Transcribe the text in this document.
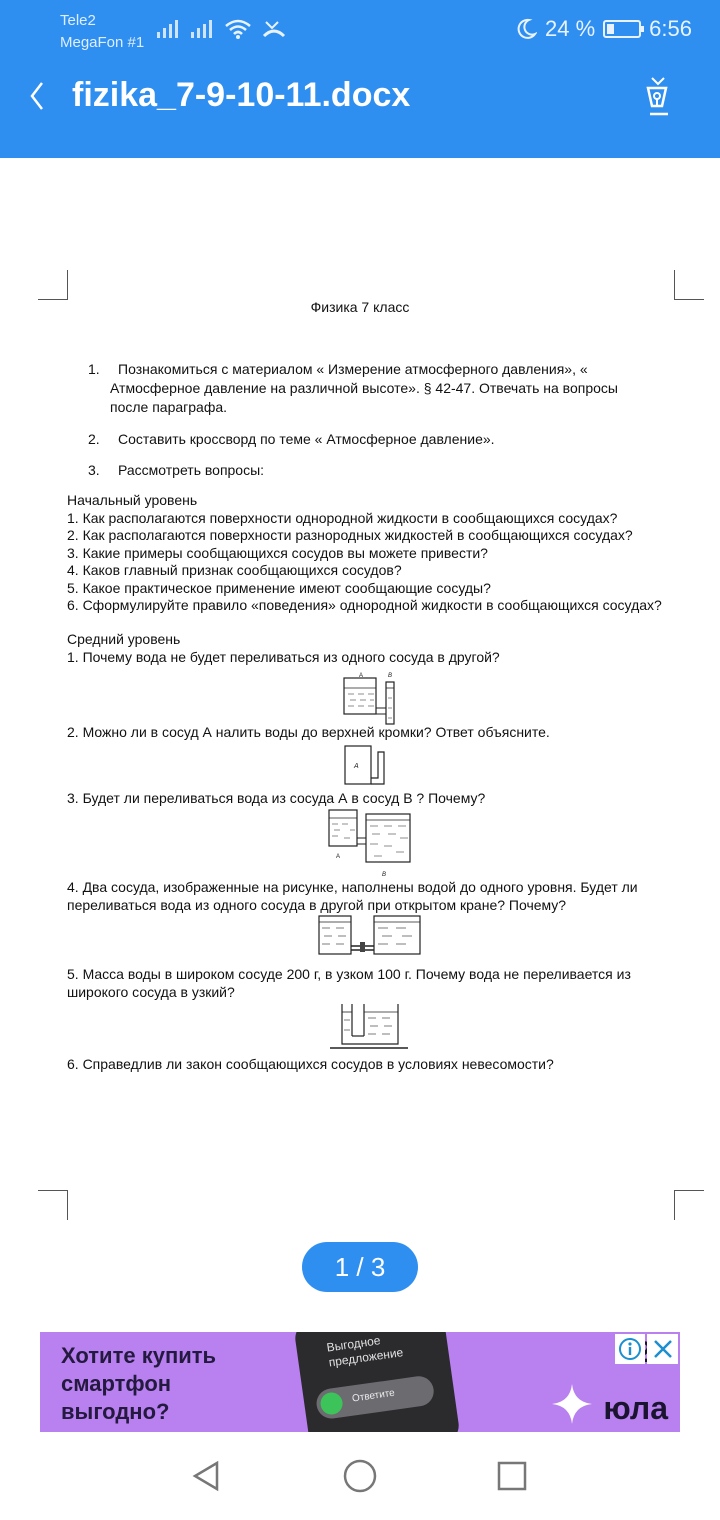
Tele2
MegaFon #1
24 % 6:56
fizika_7-9-10-11.docx
Физика 7 класс
1.	Познакомиться с материалом « Измерение атмосферного давления», « Атмосферное давление на различной высоте». § 42-47. Отвечать на вопросы после параграфа.
2.	Составить кроссворд по теме « Атмосферное давление».
3.	Рассмотреть вопросы:
Начальный уровень
1. Как располагаются поверхности однородной жидкости в сообщающихся сосудах?
2. Как располагаются поверхности разнородных жидкостей в сообщающихся сосудах?
3. Какие примеры сообщающихся сосудов вы можете привести?
4. Каков главный признак сообщающихся сосудов?
5. Какое практическое применение имеют сообщающие сосуды?
6. Сформулируйте правило «поведения» однородной жидкости в сообщающихся сосудах?
Средний уровень
1. Почему вода не будет переливаться из одного сосуда в другой?
А	В
2. Можно ли в сосуд А налить воды до верхней кромки? Ответ объясните.
А
3. Будет ли переливаться вода из сосуда А в сосуд В ? Почему?
А
В
4. Два сосуда, изображенные на рисунке, наполнены водой до одного уровня. Будет ли переливаться вода из одного сосуда в другой при открытом кране? Почему?
5. Масса воды в широком сосуде 200 г, в узком 100 г. Почему вода не переливается из широкого сосуда в узкий?
6. Справедлив ли закон сообщающихся сосудов в условиях невесомости?
1 / 3
Хотите купить смартфон выгодно?
Выгодное предложение
Ответите	юла
